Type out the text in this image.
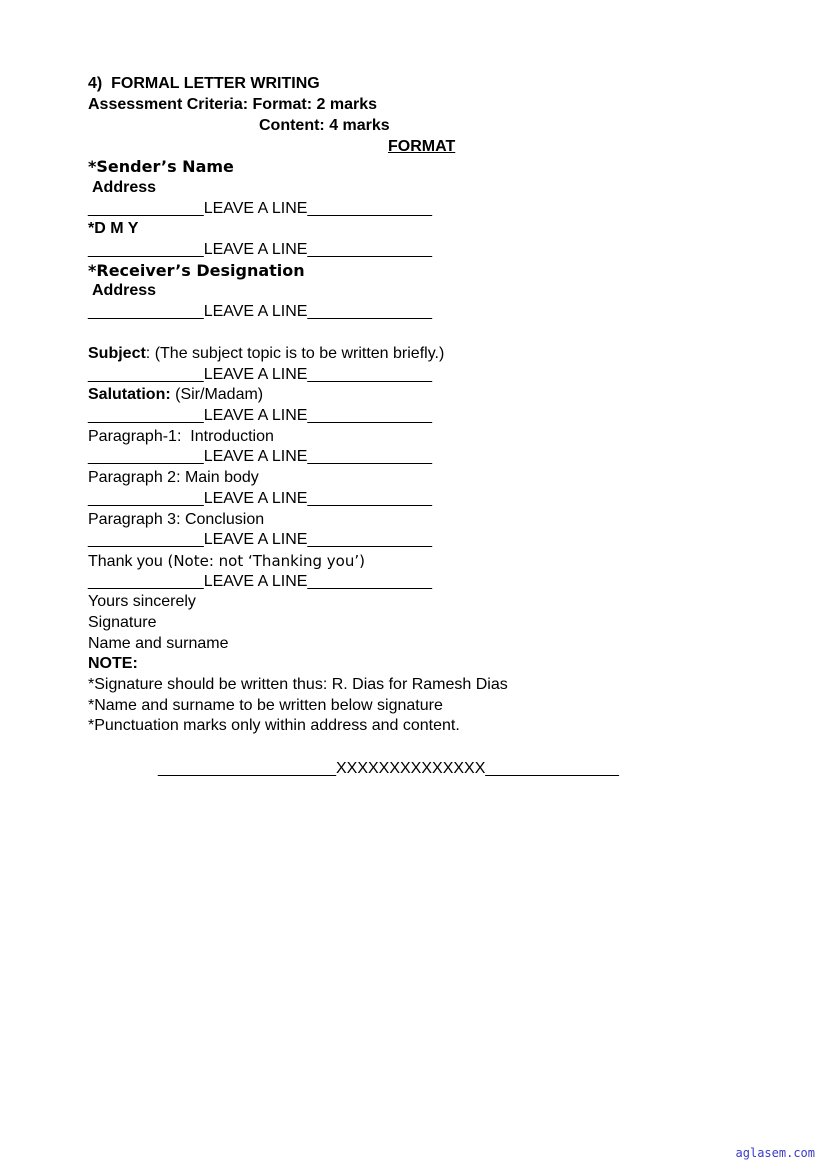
4)  FORMAL LETTER WRITING
Assessment Criteria: Format: 2 marks
Content: 4 marks
FORMAT
*Sender’s Name
Address
_____________LEAVE A LINE______________
*D M Y
_____________LEAVE A LINE______________
*Receiver’s Designation
Address
_____________LEAVE A LINE______________
Subject: (The subject topic is to be written briefly.)
_____________LEAVE A LINE______________
Salutation: (Sir/Madam)
_____________LEAVE A LINE______________
Paragraph-1:  Introduction
_____________LEAVE A LINE______________
Paragraph 2: Main body
_____________LEAVE A LINE______________
Paragraph 3: Conclusion
_____________LEAVE A LINE______________
Thank you (Note: not ‘Thanking you’)
_____________LEAVE A LINE______________
Yours sincerely
Signature
Name and surname
NOTE:
*Signature should be written thus: R. Dias for Ramesh Dias
*Name and surname to be written below signature
*Punctuation marks only within address and content.
____________________XXXXXXXXXXXXXX_______________
aglasem.com
